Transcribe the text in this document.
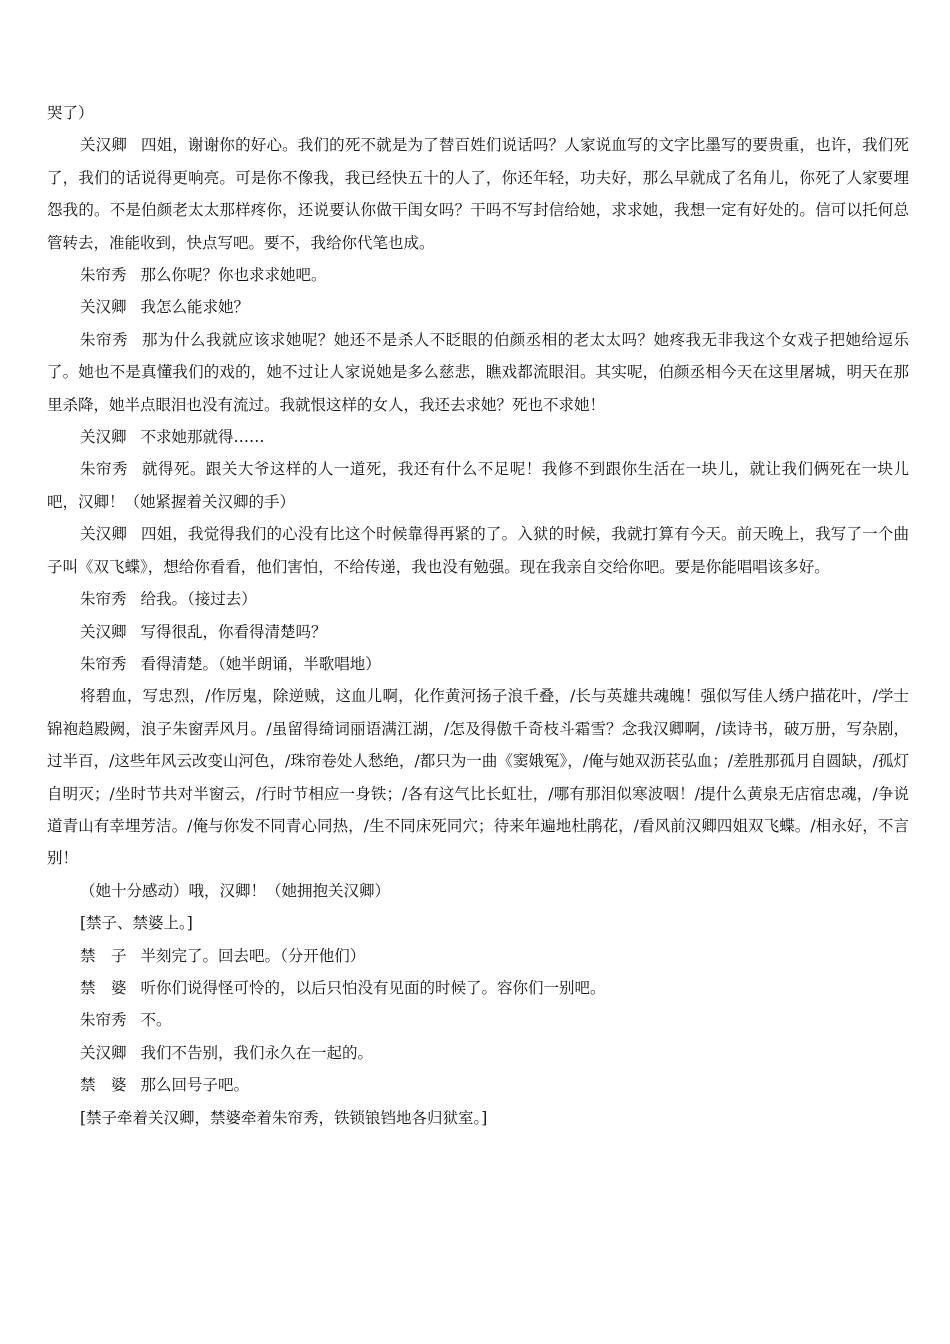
哭了）

关汉卿 四姐，谢谢你的好心。我们的死不就是为了替百姓们说话吗？人家说血写的文字比墨写的要贵重，也许，我们死了，我们的话说得更响亮。可是你不像我，我已经快五十的人了，你还年轻，功夫好，那么早就成了名角儿，你死了人家要埋怨我的。不是伯颜老太太那样疼你，还说要认你做干闺女吗？干吗不写封信给她，求求她，我想一定有好处的。信可以托何总管转去，准能收到，快点写吧。要不，我给你代笔也成。

朱帘秀 那么你呢？你也求求她吧。

关汉卿 我怎么能求她？

朱帘秀 那为什么我就应该求她呢？她还不是杀人不眨眼的伯颜丞相的老太太吗？她疼我无非我这个女戏子把她给逗乐了。她也不是真懂我们的戏的，她不过让人家说她是多么慈悲，瞧戏都流眼泪。其实呢，伯颜丞相今天在这里屠城，明天在那里杀降，她半点眼泪也没有流过。我就恨这样的女人，我还去求她？死也不求她！

关汉卿 不求她那就得……

朱帘秀 就得死。跟关大爷这样的人一道死，我还有什么不足呢！我修不到跟你生活在一块儿，就让我们俩死在一块儿吧，汉卿！（她紧握着关汉卿的手）

关汉卿 四姐，我觉得我们的心没有比这个时候靠得再紧的了。入狱的时候，我就打算有今天。前天晚上，我写了一个曲子叫《双飞蝶》，想给你看看，他们害怕，不给传递，我也没有勉强。现在我亲自交给你吧。要是你能唱唱该多好。

朱帘秀 给我。（接过去）

关汉卿 写得很乱，你看得清楚吗？

朱帘秀 看得清楚。（她半朗诵，半歌唱地）

将碧血，写忠烈，/作厉鬼，除逆贼，这血儿啊，化作黄河扬子浪千叠，/长与英雄共魂魄！强似写佳人绣户描花叶，/学士锦袍趋殿阙，浪子朱窗弄风月。/虽留得绮词丽语满江湖，/怎及得傲千奇枝斗霜雪？念我汉卿啊，/读诗书，破万册，写杂剧，过半百，/这些年风云改变山河色，/珠帘卷处人愁绝，/都只为一曲《窦娥冤》，/俺与她双沥苌弘血；/差胜那孤月自圆缺，/孤灯自明灭；/坐时节共对半窗云，/行时节相应一身铁；/各有这气比长虹壮，/哪有那泪似寒波咽！/提什么黄泉无店宿忠魂，/争说道青山有幸埋芳洁。/俺与你发不同青心同热，/生不同床死同穴；待来年遍地杜鹃花，/看风前汉卿四姐双飞蝶。/相永好，不言别！

（她十分感动）哦，汉卿！（她拥抱关汉卿）

[禁子、禁婆上。]

禁　子 半刻完了。回去吧。（分开他们）

禁　婆 听你们说得怪可怜的，以后只怕没有见面的时候了。容你们一别吧。

朱帘秀 不。

关汉卿 我们不告别，我们永久在一起的。

禁　婆 那么回号子吧。

[禁子牵着关汉卿，禁婆牵着朱帘秀，铁锁锒铛地各归狱室。]
